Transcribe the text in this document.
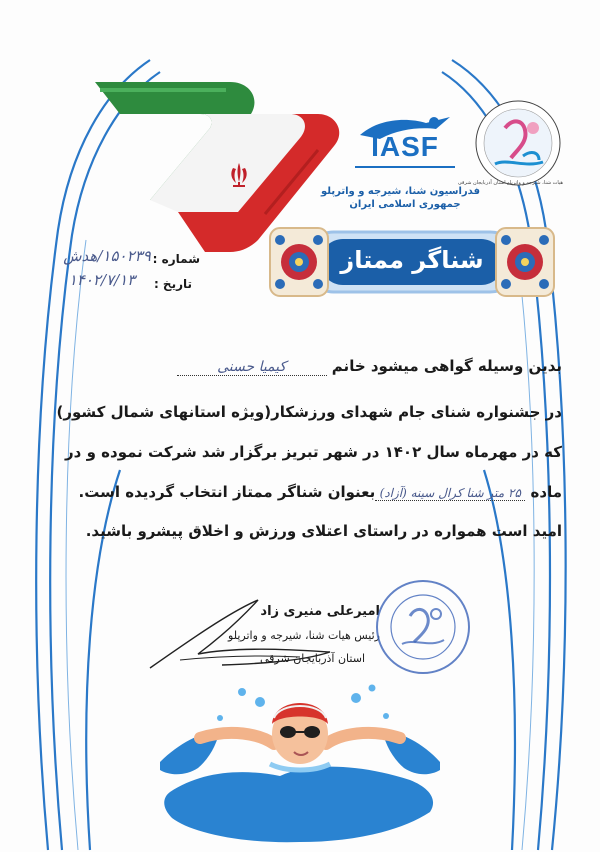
IASF
فدراسیون شنا، شیرجه و واترپلو
جمهوری اسلامی ایران
هیات شنا، شیرجه و واترپلو استان آذربایجان شرقی
شناگر ممتاز
شماره :
۱۵۰۲۳۹/هدش
تاریخ :
۱۴۰۲/۷/۱۳
بدین وسیله گواهی میشود خانم کیمیا حسنی
در جشنواره شنای جام شهدای ورزشکار(ویژه استانهای شمال کشور)
که در مهرماه سال ۱۴۰۲ در شهر تبریز برگزار شد شرکت نموده و در
ماده ۲۵ متر شنا کرال سینه (آزاد)بعنوان شناگر ممتاز انتخاب گردیده است.
امید است همواره در راستای اعتلای ورزش و اخلاق پیشرو باشید.
امیرعلی منیری زاد
رئیس هیات شنا، شیرجه و واترپلو
استان آذربایجان شرقی
